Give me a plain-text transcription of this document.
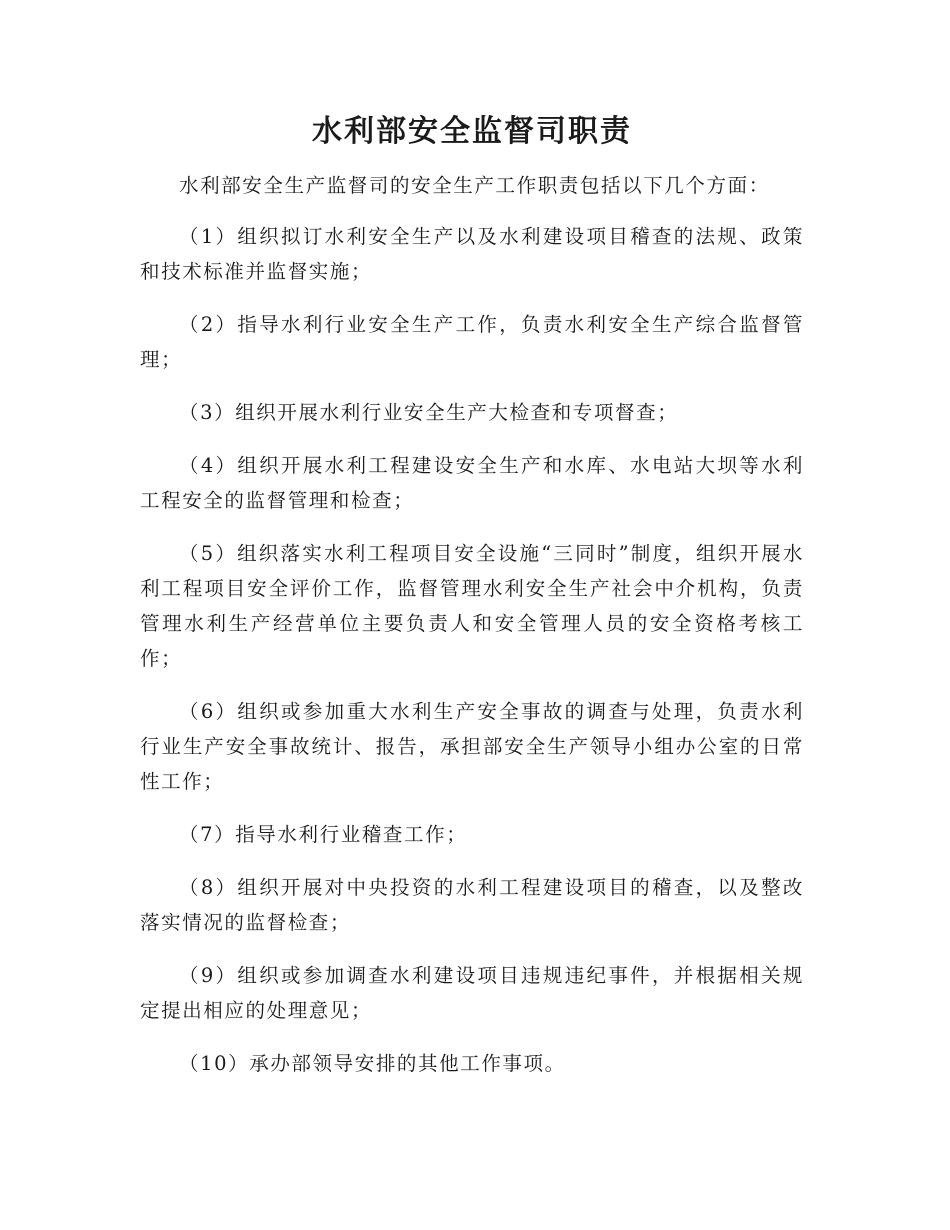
水利部安全监督司职责

水利部安全生产监督司的安全生产工作职责包括以下几个方面：

（1）组织拟订水利安全生产以及水利建设项目稽查的法规、政策和技术标准并监督实施；

（2）指导水利行业安全生产工作，负责水利安全生产综合监督管理；

（3）组织开展水利行业安全生产大检查和专项督查；

（4）组织开展水利工程建设安全生产和水库、水电站大坝等水利工程安全的监督管理和检查；

（5）组织落实水利工程项目安全设施“三同时”制度，组织开展水利工程项目安全评价工作，监督管理水利安全生产社会中介机构，负责管理水利生产经营单位主要负责人和安全管理人员的安全资格考核工作；

（6）组织或参加重大水利生产安全事故的调查与处理，负责水利行业生产安全事故统计、报告，承担部安全生产领导小组办公室的日常性工作；

（7）指导水利行业稽查工作；

（8）组织开展对中央投资的水利工程建设项目的稽查，以及整改落实情况的监督检查；

（9）组织或参加调查水利建设项目违规违纪事件，并根据相关规定提出相应的处理意见；

（10）承办部领导安排的其他工作事项。
